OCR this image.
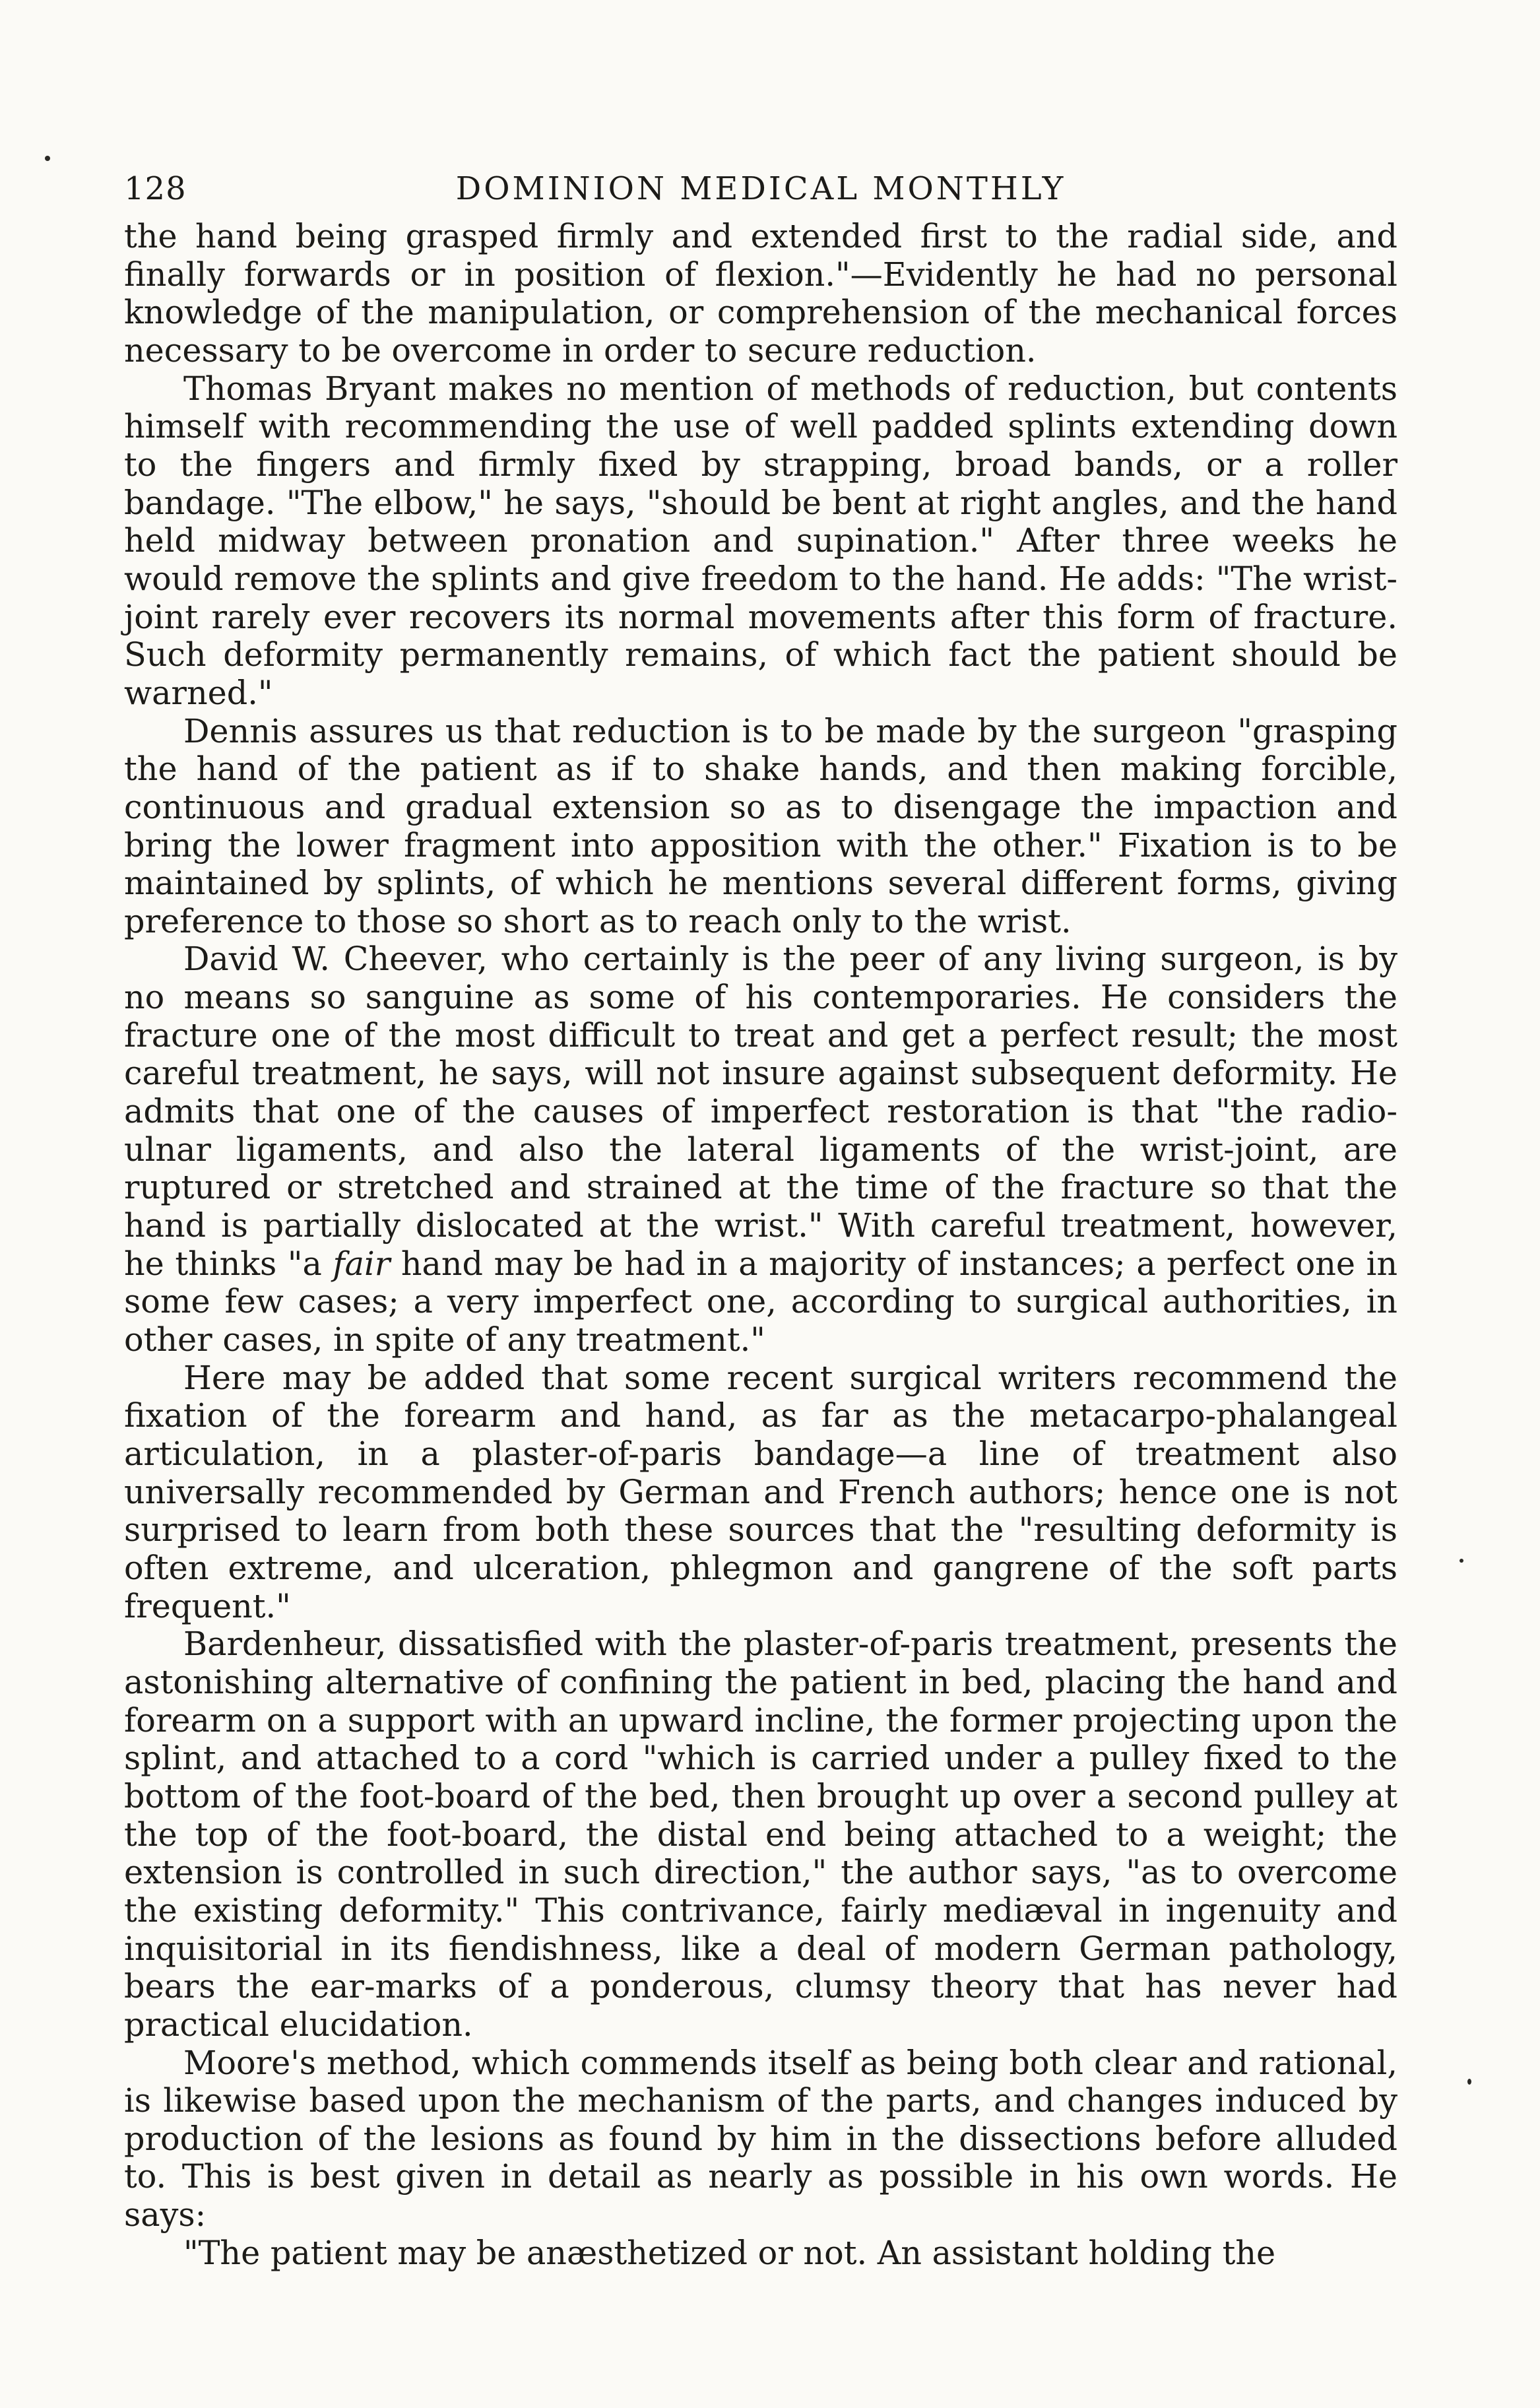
128	DOMINION MEDICAL MONTHLY

the hand being grasped firmly and extended first to the radial side, and finally forwards or in position of flexion."—Evidently he had no personal knowledge of the manipulation, or comprehension of the mechanical forces necessary to be overcome in order to secure reduction.

Thomas Bryant makes no mention of methods of reduction, but contents himself with recommending the use of well padded splints extending down to the fingers and firmly fixed by strapping, broad bands, or a roller bandage. "The elbow," he says, "should be bent at right angles, and the hand held midway between pronation and supination." After three weeks he would remove the splints and give freedom to the hand. He adds: "The wrist-joint rarely ever recovers its normal movements after this form of fracture. Such deformity permanently remains, of which fact the patient should be warned."

Dennis assures us that reduction is to be made by the surgeon "grasping the hand of the patient as if to shake hands, and then making forcible, continuous and gradual extension so as to disengage the impaction and bring the lower fragment into apposition with the other." Fixation is to be maintained by splints, of which he mentions several different forms, giving preference to those so short as to reach only to the wrist.

David W. Cheever, who certainly is the peer of any living surgeon, is by no means so sanguine as some of his contemporaries. He considers the fracture one of the most difficult to treat and get a perfect result; the most careful treatment, he says, will not insure against subsequent deformity. He admits that one of the causes of imperfect restoration is that "the radio-ulnar ligaments, and also the lateral ligaments of the wrist-joint, are ruptured or stretched and strained at the time of the fracture so that the hand is partially dislocated at the wrist." With careful treatment, however, he thinks "a fair hand may be had in a majority of instances; a perfect one in some few cases; a very imperfect one, according to surgical authorities, in other cases, in spite of any treatment."

Here may be added that some recent surgical writers recommend the fixation of the forearm and hand, as far as the metacarpo-phalangeal articulation, in a plaster-of-paris bandage—a line of treatment also universally recommended by German and French authors; hence one is not surprised to learn from both these sources that the "resulting deformity is often extreme, and ulceration, phlegmon and gangrene of the soft parts frequent."

Bardenheur, dissatisfied with the plaster-of-paris treatment, presents the astonishing alternative of confining the patient in bed, placing the hand and forearm on a support with an upward incline, the former projecting upon the splint, and attached to a cord "which is carried under a pulley fixed to the bottom of the foot-board of the bed, then brought up over a second pulley at the top of the foot-board, the distal end being attached to a weight; the extension is controlled in such direction," the author says, "as to overcome the existing deformity." This contrivance, fairly mediæval in ingenuity and inquisitorial in its fiendishness, like a deal of modern German pathology, bears the ear-marks of a ponderous, clumsy theory that has never had practical elucidation.

Moore's method, which commends itself as being both clear and rational, is likewise based upon the mechanism of the parts, and changes induced by production of the lesions as found by him in the dissections before alluded to. This is best given in detail as nearly as possible in his own words. He says:

"The patient may be anæsthetized or not. An assistant holding the
